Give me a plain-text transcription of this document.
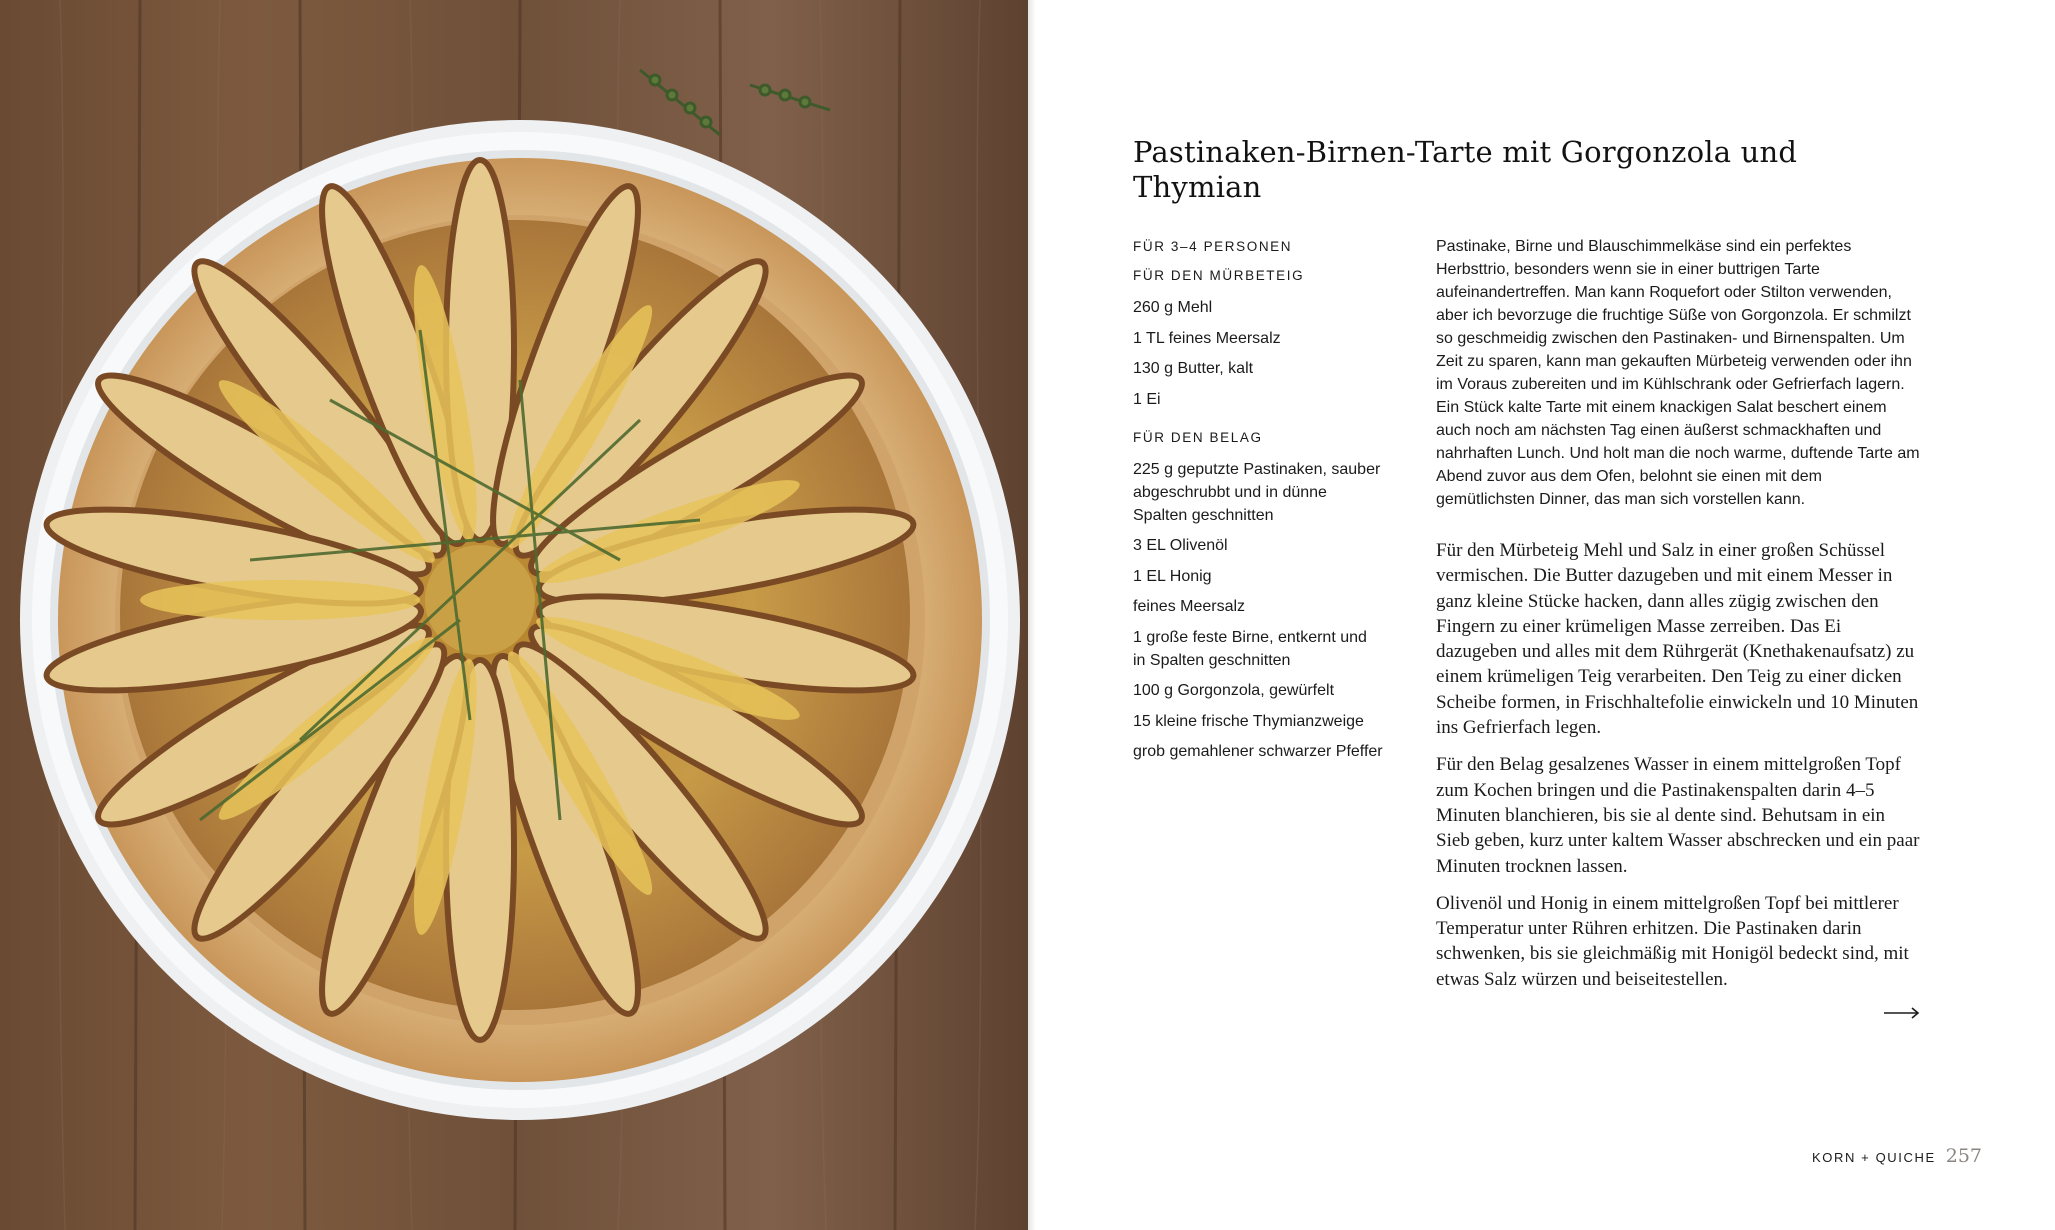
Pastinaken-Birnen-Tarte mit Gorgonzola und Thymian
FÜR 3–4 PERSONEN
FÜR DEN MÜRBETEIG
260 g Mehl
1 TL feines Meersalz
130 g Butter, kalt
1 Ei
FÜR DEN BELAG
225 g geputzte Pastinaken, sauber abgeschrubbt und in dünne Spalten geschnitten
3 EL Olivenöl
1 EL Honig
feines Meersalz
1 große feste Birne, entkernt und in Spalten geschnitten
100 g Gorgonzola, gewürfelt
15 kleine frische Thymianzweige
grob gemahlener schwarzer Pfeffer

Pastinake, Birne und Blauschimmelkäse sind ein perfektes Herbsttrio, besonders wenn sie in einer buttrigen Tarte aufeinandertreffen. Man kann Roquefort oder Stilton verwenden, aber ich bevorzuge die fruchtige Süße von Gorgonzola. Er schmilzt so geschmeidig zwischen den Pastinaken- und Birnenspalten. Um Zeit zu sparen, kann man gekauften Mürbeteig verwenden oder ihn im Voraus zubereiten und im Kühlschrank oder Gefrierfach lagern. Ein Stück kalte Tarte mit einem knackigen Salat beschert einem auch noch am nächsten Tag einen äußerst schmackhaften und nahrhaften Lunch. Und holt man die noch warme, duftende Tarte am Abend zuvor aus dem Ofen, belohnt sie einen mit dem gemütlichsten Dinner, das man sich vorstellen kann.

Für den Mürbeteig Mehl und Salz in einer großen Schüssel vermischen. Die Butter dazugeben und mit einem Messer in ganz kleine Stücke hacken, dann alles zügig zwischen den Fingern zu einer krümeligen Masse zerreiben. Das Ei dazugeben und alles mit dem Rührgerät (Knethakenaufsatz) zu einem krümeligen Teig verarbeiten. Den Teig zu einer dicken Scheibe formen, in Frischhaltefolie einwickeln und 10 Minuten ins Gefrierfach legen.

Für den Belag gesalzenes Wasser in einem mittelgroßen Topf zum Kochen bringen und die Pastinakenspalten darin 4–5 Minuten blanchieren, bis sie al dente sind. Behutsam in ein Sieb geben, kurz unter kaltem Wasser abschrecken und ein paar Minuten trocknen lassen.

Olivenöl und Honig in einem mittelgroßen Topf bei mittlerer Temperatur unter Rühren erhitzen. Die Pastinaken darin schwenken, bis sie gleichmäßig mit Honigöl bedeckt sind, mit etwas Salz würzen und beiseitestellen.

KORN + QUICHE 257
